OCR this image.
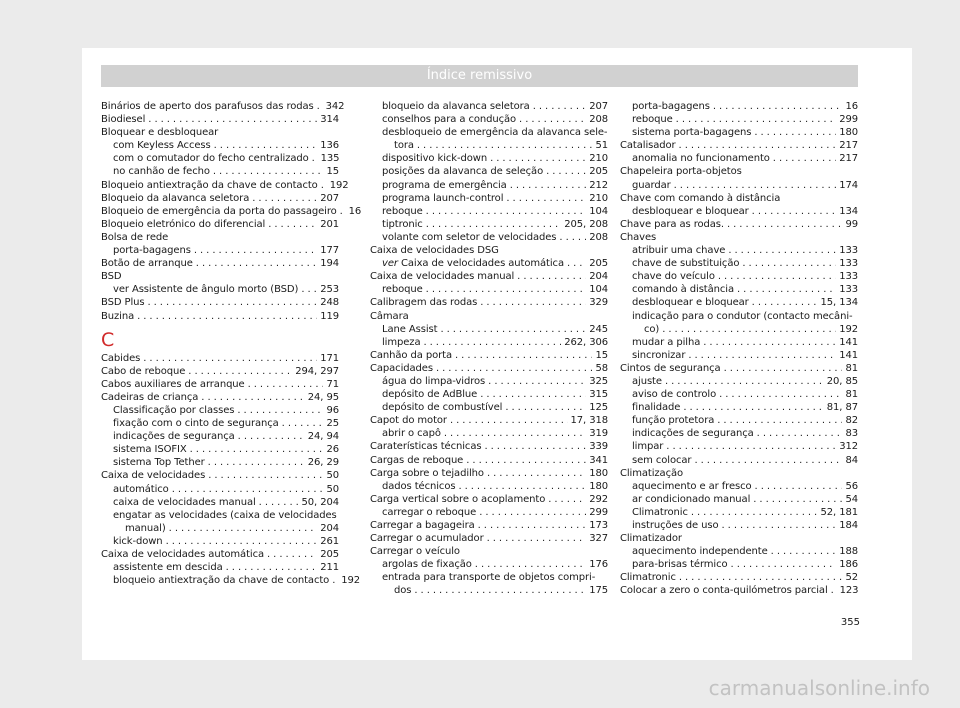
Índice remissivo
Binários de aperto dos parafusos das rodas . . . 342
Biodiesel . . .	314
Bloquear e desbloquear
com Keyless Access . . .	136
com o comutador do fecho centralizado . . . 135
no canhão de fecho . . .	15
Bloqueio antiextração da chave de contacto . . . 192
Bloqueio da alavanca seletora . . .	207
Bloqueio de emergência da porta do passageiro . . . 16
Bloqueio eletrónico do diferencial . . .	201
Bolsa de rede
porta-bagagens . . .	177
Botão de arranque . . .	194
BSD
ver Assistente de ângulo morto (BSD) . . . 253
BSD Plus . . .	248
Buzina . . .	119
C
Cabides . . .	171
Cabo de reboque . . .	294, 297
Cabos auxiliares de arranque . . .	71
Cadeiras de criança . . .	24, 95
Classificação por classes . . .	96
fixação com o cinto de segurança . . .	25
indicações de segurança . . .	24, 94
sistema ISOFIX . . .	26
sistema Top Tether . . .	26, 29
Caixa de velocidades . . .	50
automático . . .	50
caixa de velocidades manual . . .	50, 204
engatar as velocidades (caixa de velocidades
manual) . . .	204
kick-down . . .	261
Caixa de velocidades automática . . .	205
assistente em descida . . .	211
bloqueio antiextração da chave de contacto . . . 192
bloqueio da alavanca seletora . . .	207
conselhos para a condução . . .	208
desbloqueio de emergência da alavanca sele-
tora . . .	51
dispositivo kick-down . . .	210
posições da alavanca de seleção . . .	205
programa de emergência . . .	212
programa launch-control . . .	210
reboque . . .	104
tiptronic . . .	205, 208
volante com seletor de velocidades . . .	208
Caixa de velocidades DSG
ver Caixa de velocidades automática . . .	205
Caixa de velocidades manual . . .	204
reboque . . .	104
Calibragem das rodas . . .	329
Câmara
Lane Assist . . .	245
limpeza . . .	262, 306
Canhão da porta . . .	15
Capacidades . . .	58
água do limpa-vidros . . .	325
depósito de AdBlue . . .	315
depósito de combustível . . .	125
Capot do motor . . .	17, 318
abrir o capô . . .	319
Caraterísticas técnicas . . .	339
Cargas de reboque . . .	341
Carga sobre o tejadilho . . .	180
dados técnicos . . .	180
Carga vertical sobre o acoplamento . . .	292
carregar o reboque . . .	299
Carregar a bagageira . . .	173
Carregar o acumulador . . .	327
Carregar o veículo
argolas de fixação . . .	176
entrada para transporte de objetos compri-
dos . . .	175
porta-bagagens . . .	16
reboque . . .	299
sistema porta-bagagens . . .	180
Catalisador . . .	217
anomalia no funcionamento . . .	217
Chapeleira porta-objetos
guardar . . .	174
Chave com comando à distância
desbloquear e bloquear . . .	134
Chave para as rodas. . . .	99
Chaves
atribuir uma chave . . .	133
chave de substituição . . .	133
chave do veículo . . .	133
comando à distância . . .	133
desbloquear e bloquear . . .	15, 134
indicação para o condutor (contacto mecâni-
co) . . .	192
mudar a pilha . . .	141
sincronizar . . .	141
Cintos de segurança . . .	81
ajuste . . .	20, 85
aviso de controlo . . .	81
finalidade . . .	81, 87
função protetora . . .	82
indicações de segurança . . .	83
limpar . . .	312
sem colocar . . .	84
Climatização
aquecimento e ar fresco . . .	56
ar condicionado manual . . .	54
Climatronic . . .	52, 181
instruções de uso . . .	184
Climatizador
aquecimento independente . . .	188
para-brisas térmico . . .	186
Climatronic . . .	52
Colocar a zero o conta-quilómetros parcial . . . 123
355
carmanualsonline.info
